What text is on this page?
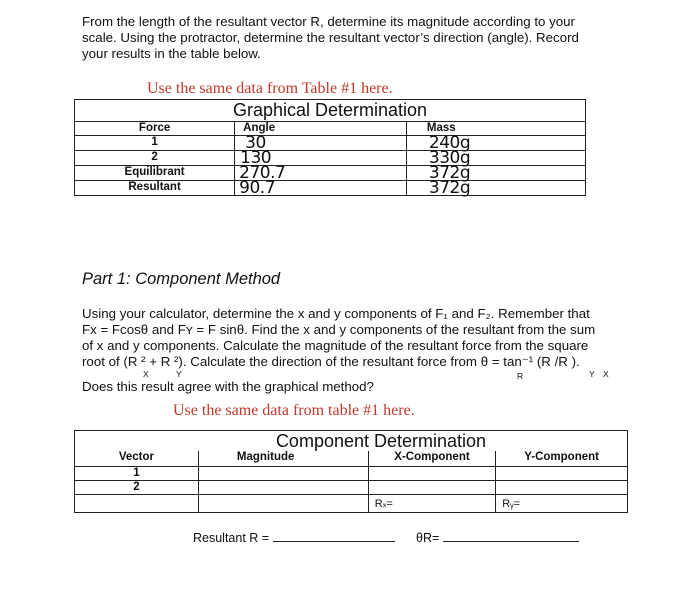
From the length of the resultant vector R, determine its magnitude according to your
scale. Using the protractor, determine the resultant vector’s direction (angle). Record
your results in the table below.
Use the same data from Table #1 here.
Graphical Determination		
Force	Angle	Mass
1	30	240g
2	130	330g
Equilibrant	270.7	372g
Resultant	90.7	372g
Part 1: Component Method
Using your calculator, determine the x and y components of F₁ and F₂. Remember that
Fx = Fcosθ and Fʏ = F sinθ. Find the x and y components of the resultant from the sum
of x and y components. Calculate the magnitude of the resultant force from the square
root of (R ² + R ²). Calculate the direction of the resultant force from θ = tan⁻¹ (R /R ).
X	Y	R	Y X
Does this result agree with the graphical method?
Use the same data from table #1 here.
Component Determination			
Vector	Magnitude	X-Component	Y-Component
1			
2			
		Rₓ=	Rᵧ=
Resultant R =	θR=
